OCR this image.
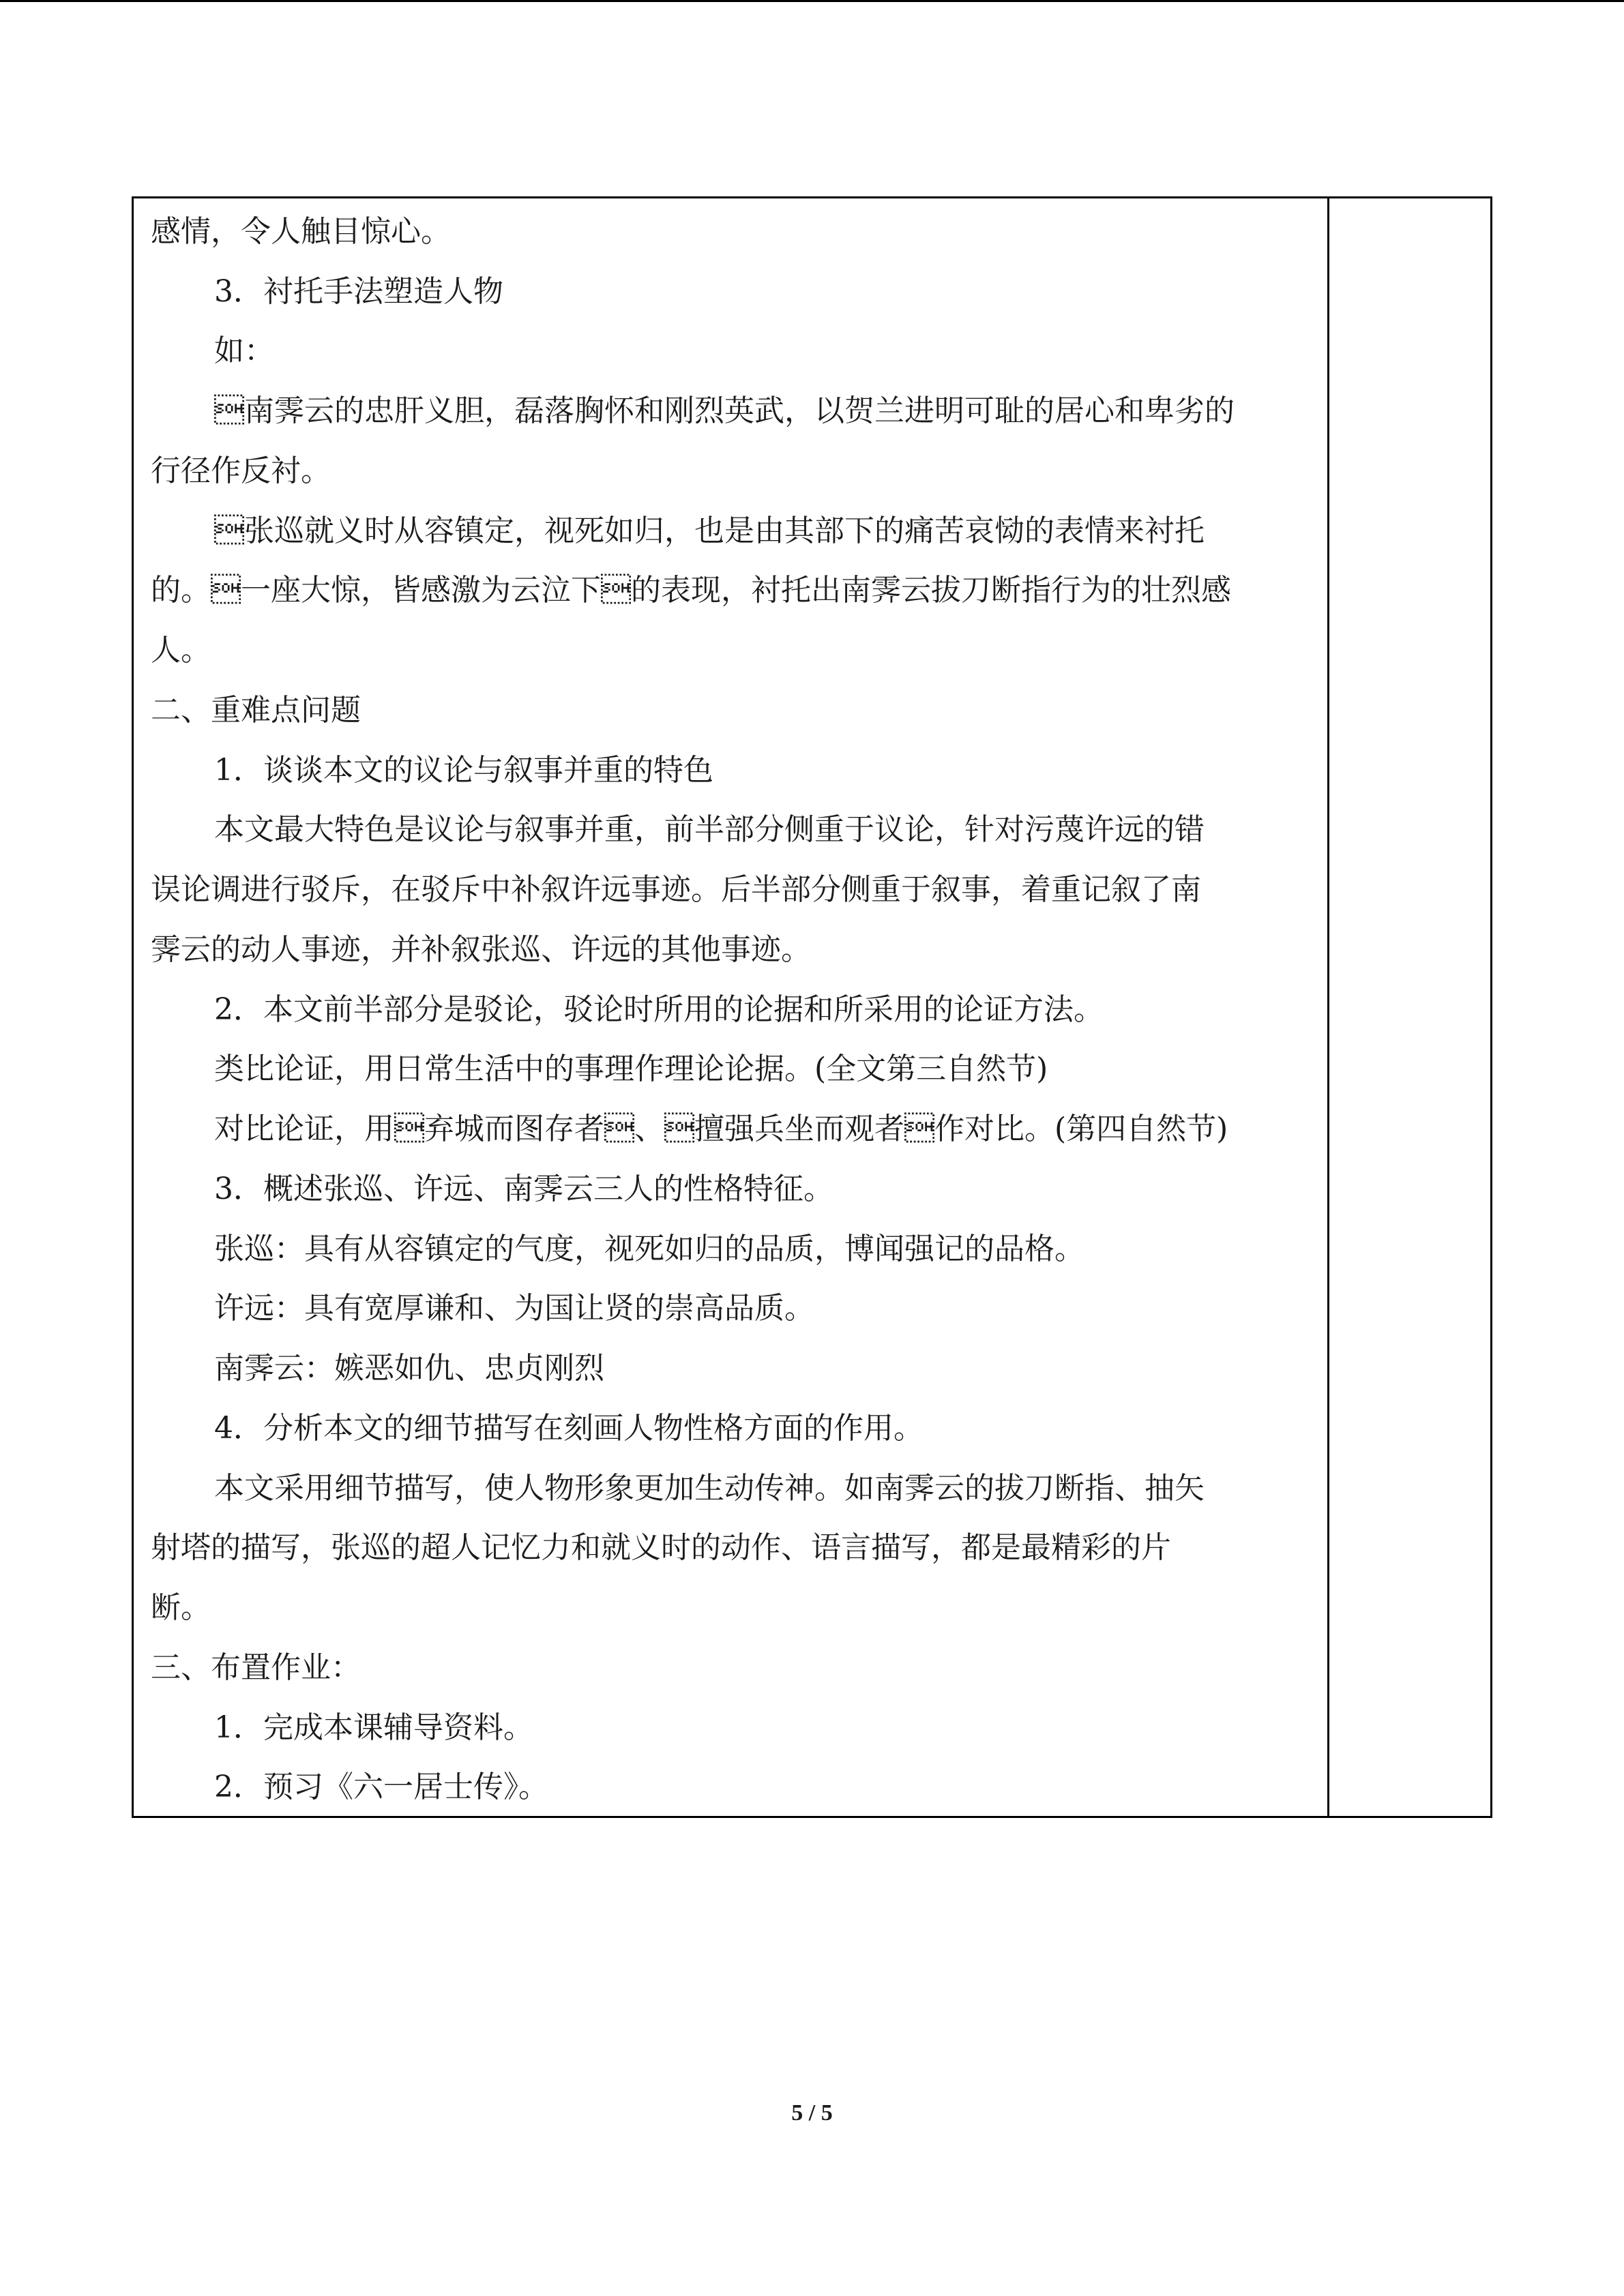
感情，令人触目惊心。
3．衬托手法塑造人物
如：
南霁云的忠肝义胆，磊落胸怀和刚烈英武，以贺兰进明可耻的居心和卑劣的
行径作反衬。
张巡就义时从容镇定，视死如归，也是由其部下的痛苦哀恸的表情来衬托
的。一座大惊，皆感激为云泣下的表现，衬托出南霁云拔刀断指行为的壮烈感
人。
二、重难点问题
1．谈谈本文的议论与叙事并重的特色
本文最大特色是议论与叙事并重，前半部分侧重于议论，针对污蔑许远的错
误论调进行驳斥，在驳斥中补叙许远事迹。后半部分侧重于叙事，着重记叙了南
霁云的动人事迹，并补叙张巡、许远的其他事迹。
2．本文前半部分是驳论，驳论时所用的论据和所采用的论证方法。
类比论证，用日常生活中的事理作理论论据。(全文第三自然节)
对比论证，用弃城而图存者、擅强兵坐而观者作对比。(第四自然节)
3．概述张巡、许远、南霁云三人的性格特征。
张巡：具有从容镇定的气度，视死如归的品质，博闻强记的品格。
许远：具有宽厚谦和、为国让贤的崇高品质。
南霁云：嫉恶如仇、忠贞刚烈
4．分析本文的细节描写在刻画人物性格方面的作用。
本文采用细节描写，使人物形象更加生动传神。如南霁云的拔刀断指、抽矢
射塔的描写，张巡的超人记忆力和就义时的动作、语言描写，都是最精彩的片
断。
三、布置作业：
1．完成本课辅导资料。
2．预习《六一居士传》。
5 / 5
